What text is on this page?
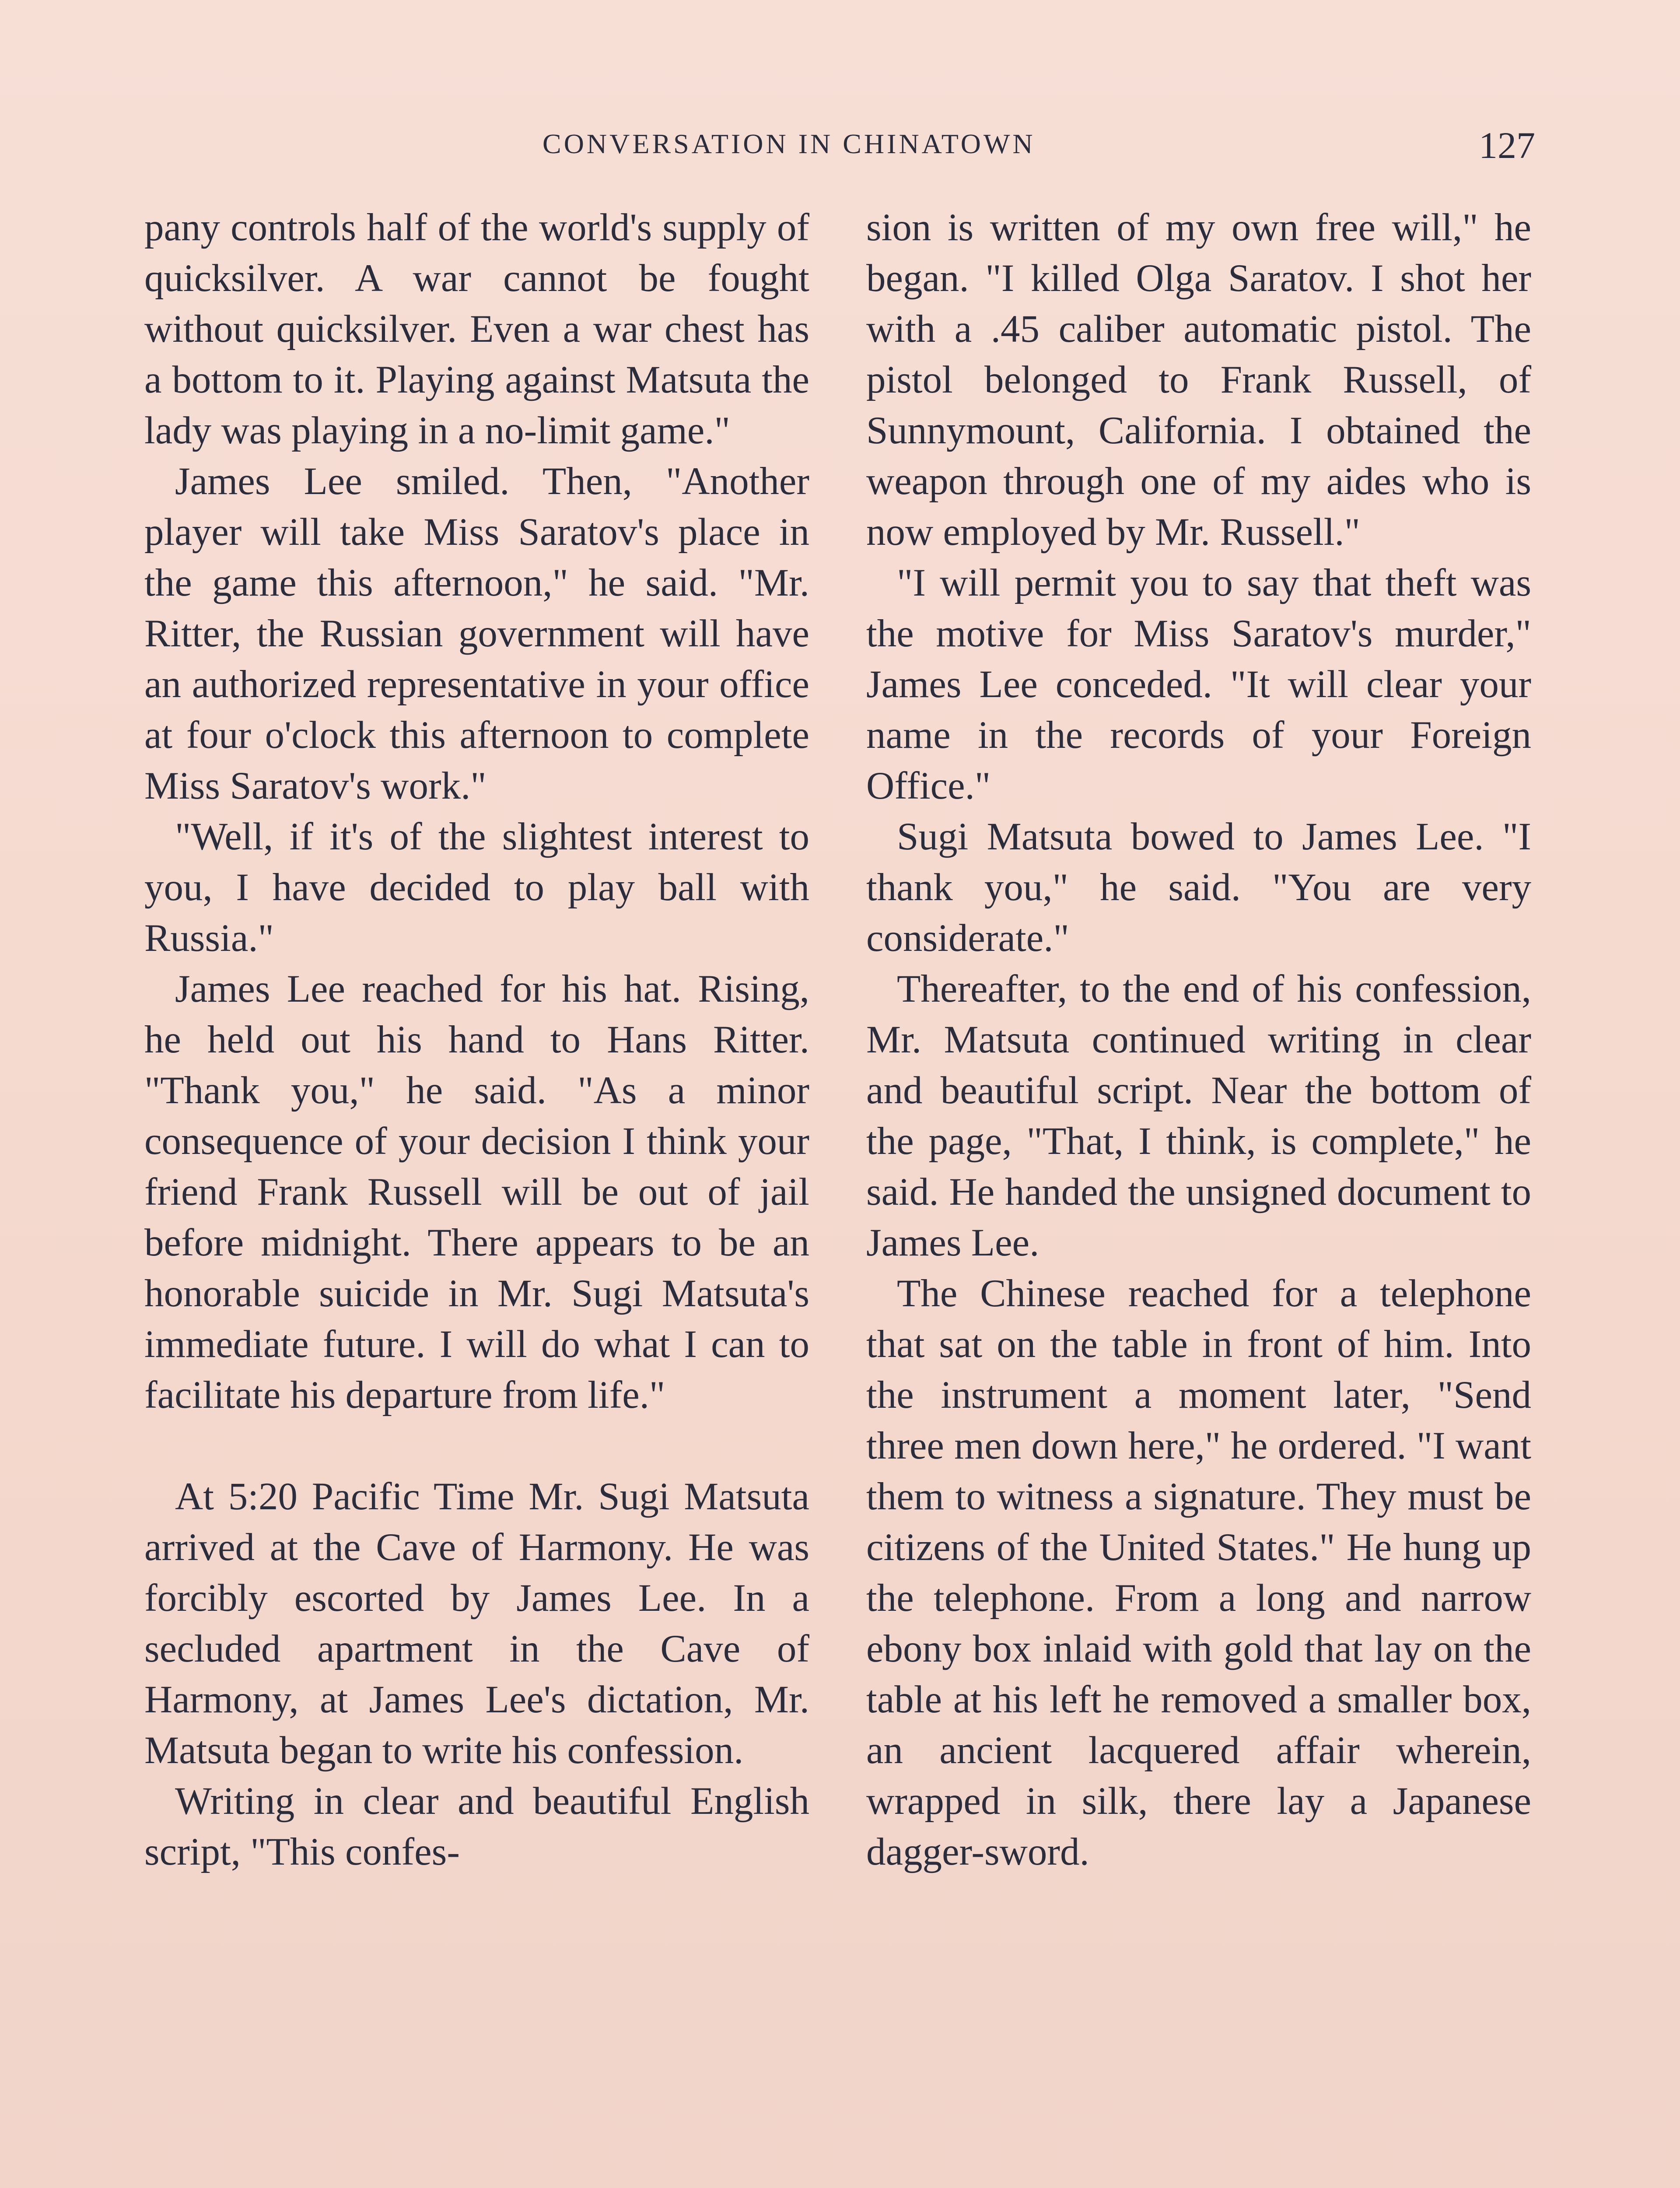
CONVERSATION IN CHINATOWN	127

pany controls half of the world's supply of quicksilver. A war cannot be fought without quicksilver. Even a war chest has a bottom to it. Playing against Matsuta the lady was playing in a no-limit game."

James Lee smiled. Then, "Another player will take Miss Saratov's place in the game this afternoon," he said. "Mr. Ritter, the Russian government will have an authorized representative in your office at four o'clock this afternoon to complete Miss Saratov's work."

"Well, if it's of the slightest interest to you, I have decided to play ball with Russia."

James Lee reached for his hat. Rising, he held out his hand to Hans Ritter. "Thank you," he said. "As a minor consequence of your decision I think your friend Frank Russell will be out of jail before midnight. There appears to be an honorable suicide in Mr. Sugi Matsuta's immediate future. I will do what I can to facilitate his departure from life."

At 5:20 Pacific Time Mr. Sugi Matsuta arrived at the Cave of Harmony. He was forcibly escorted by James Lee. In a secluded apartment in the Cave of Harmony, at James Lee's dictation, Mr. Matsuta began to write his confession.

Writing in clear and beautiful English script, "This confes-

sion is written of my own free will," he began. "I killed Olga Saratov. I shot her with a .45 caliber automatic pistol. The pistol belonged to Frank Russell, of Sunnymount, California. I obtained the weapon through one of my aides who is now employed by Mr. Russell."

"I will permit you to say that theft was the motive for Miss Saratov's murder," James Lee conceded. "It will clear your name in the records of your Foreign Office."

Sugi Matsuta bowed to James Lee. "I thank you," he said. "You are very considerate."

Thereafter, to the end of his confession, Mr. Matsuta continued writing in clear and beautiful script. Near the bottom of the page, "That, I think, is complete," he said. He handed the unsigned document to James Lee.

The Chinese reached for a telephone that sat on the table in front of him. Into the instrument a moment later, "Send three men down here," he ordered. "I want them to witness a signature. They must be citizens of the United States." He hung up the telephone. From a long and narrow ebony box inlaid with gold that lay on the table at his left he removed a smaller box, an ancient lacquered affair wherein, wrapped in silk, there lay a Japanese dagger-sword.
